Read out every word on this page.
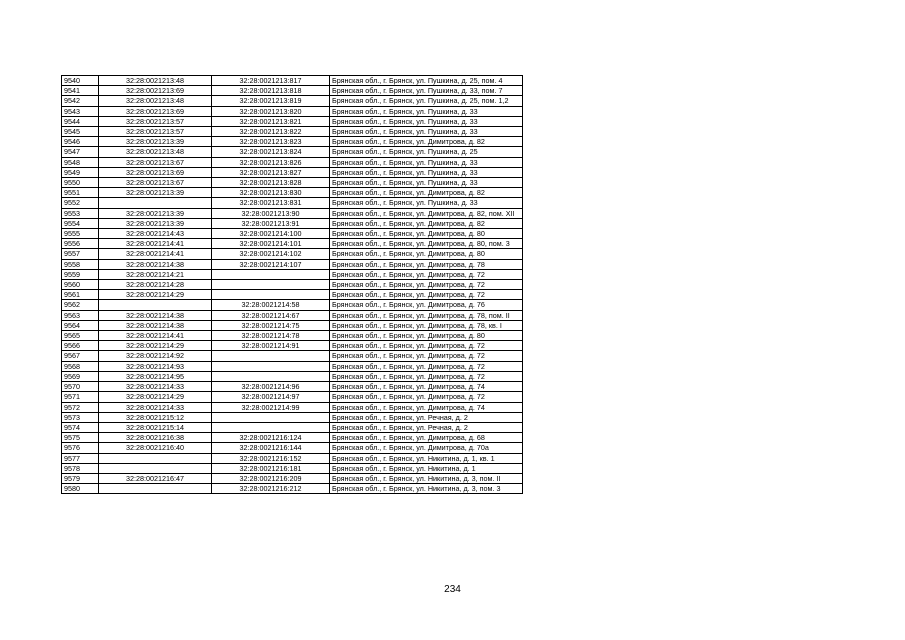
9540	32:28:0021213:48	32:28:0021213:817	Брянская обл., г. Брянск, ул. Пушкина, д. 25, пом. 4
9541	32:28:0021213:69	32:28:0021213:818	Брянская обл., г. Брянск, ул. Пушкина, д. 33, пом. 7
9542	32:28:0021213:48	32:28:0021213:819	Брянская обл., г. Брянск, ул. Пушкина, д. 25, пом. 1,2
9543	32:28:0021213:69	32:28:0021213:820	Брянская обл., г. Брянск, ул. Пушкина, д. 33
9544	32:28:0021213:57	32:28:0021213:821	Брянская обл., г. Брянск, ул. Пушкина, д. 33
9545	32:28:0021213:57	32:28:0021213:822	Брянская обл., г. Брянск, ул. Пушкина, д. 33
9546	32:28:0021213:39	32:28:0021213:823	Брянская обл., г. Брянск, ул. Димитрова, д. 82
9547	32:28:0021213:48	32:28:0021213:824	Брянская обл., г. Брянск, ул. Пушкина, д. 25
9548	32:28:0021213:67	32:28:0021213:826	Брянская обл., г. Брянск, ул. Пушкина, д. 33
9549	32:28:0021213:69	32:28:0021213:827	Брянская обл., г. Брянск, ул. Пушкина, д. 33
9550	32:28:0021213:67	32:28:0021213:828	Брянская обл., г. Брянск, ул. Пушкина, д. 33
9551	32:28:0021213:39	32:28:0021213:830	Брянская обл., г. Брянск, ул. Димитрова, д. 82
9552		32:28:0021213:831	Брянская обл., г. Брянск, ул. Пушкина, д. 33
9553	32:28:0021213:39	32:28:0021213:90	Брянская обл., г. Брянск, ул. Димитрова, д. 82, пом. XII
9554	32:28:0021213:39	32:28:0021213:91	Брянская обл., г. Брянск, ул. Димитрова, д. 82
9555	32:28:0021214:43	32:28:0021214:100	Брянская обл., г. Брянск, ул. Димитрова, д. 80
9556	32:28:0021214:41	32:28:0021214:101	Брянская обл., г. Брянск, ул. Димитрова, д. 80, пом. 3
9557	32:28:0021214:41	32:28:0021214:102	Брянская обл., г. Брянск, ул. Димитрова, д. 80
9558	32:28:0021214:38	32:28:0021214:107	Брянская обл., г. Брянск, ул. Димитрова, д. 78
9559	32:28:0021214:21		Брянская обл., г. Брянск, ул. Димитрова, д. 72
9560	32:28:0021214:28		Брянская обл., г. Брянск, ул. Димитрова, д. 72
9561	32:28:0021214:29		Брянская обл., г. Брянск, ул. Димитрова, д. 72
9562		32:28:0021214:58	Брянская обл., г. Брянск, ул. Димитрова, д. 76
9563	32:28:0021214:38	32:28:0021214:67	Брянская обл., г. Брянск, ул. Димитрова, д. 78, пом. II
9564	32:28:0021214:38	32:28:0021214:75	Брянская обл., г. Брянск, ул. Димитрова, д. 78, кв. I
9565	32:28:0021214:41	32:28:0021214:78	Брянская обл., г. Брянск, ул. Димитрова, д. 80
9566	32:28:0021214:29	32:28:0021214:91	Брянская обл., г. Брянск, ул. Димитрова, д. 72
9567	32:28:0021214:92		Брянская обл., г. Брянск, ул. Димитрова, д. 72
9568	32:28:0021214:93		Брянская обл., г. Брянск, ул. Димитрова, д. 72
9569	32:28:0021214:95		Брянская обл., г. Брянск, ул. Димитрова, д. 72
9570	32:28:0021214:33	32:28:0021214:96	Брянская обл., г. Брянск, ул. Димитрова, д. 74
9571	32:28:0021214:29	32:28:0021214:97	Брянская обл., г. Брянск, ул. Димитрова, д. 72
9572	32:28:0021214:33	32:28:0021214:99	Брянская обл., г. Брянск, ул. Димитрова, д. 74
9573	32:28:0021215:12		Брянская обл., г. Брянск, ул. Речная, д. 2
9574	32:28:0021215:14		Брянская обл., г. Брянск, ул. Речная, д. 2
9575	32:28:0021216:38	32:28:0021216:124	Брянская обл., г. Брянск, ул. Димитрова, д. 68
9576	32:28:0021216:40	32:28:0021216:144	Брянская обл., г. Брянск, ул. Димитрова, д. 70а
9577		32:28:0021216:152	Брянская обл., г. Брянск, ул. Никитина, д. 1, кв. 1
9578		32:28:0021216:181	Брянская обл., г. Брянск, ул. Никитина, д. 1
9579	32:28:0021216:47	32:28:0021216:209	Брянская обл., г. Брянск, ул. Никитина, д. 3, пом. II
9580		32:28:0021216:212	Брянская обл., г. Брянск, ул. Никитина, д. 3, пом. 3
234
